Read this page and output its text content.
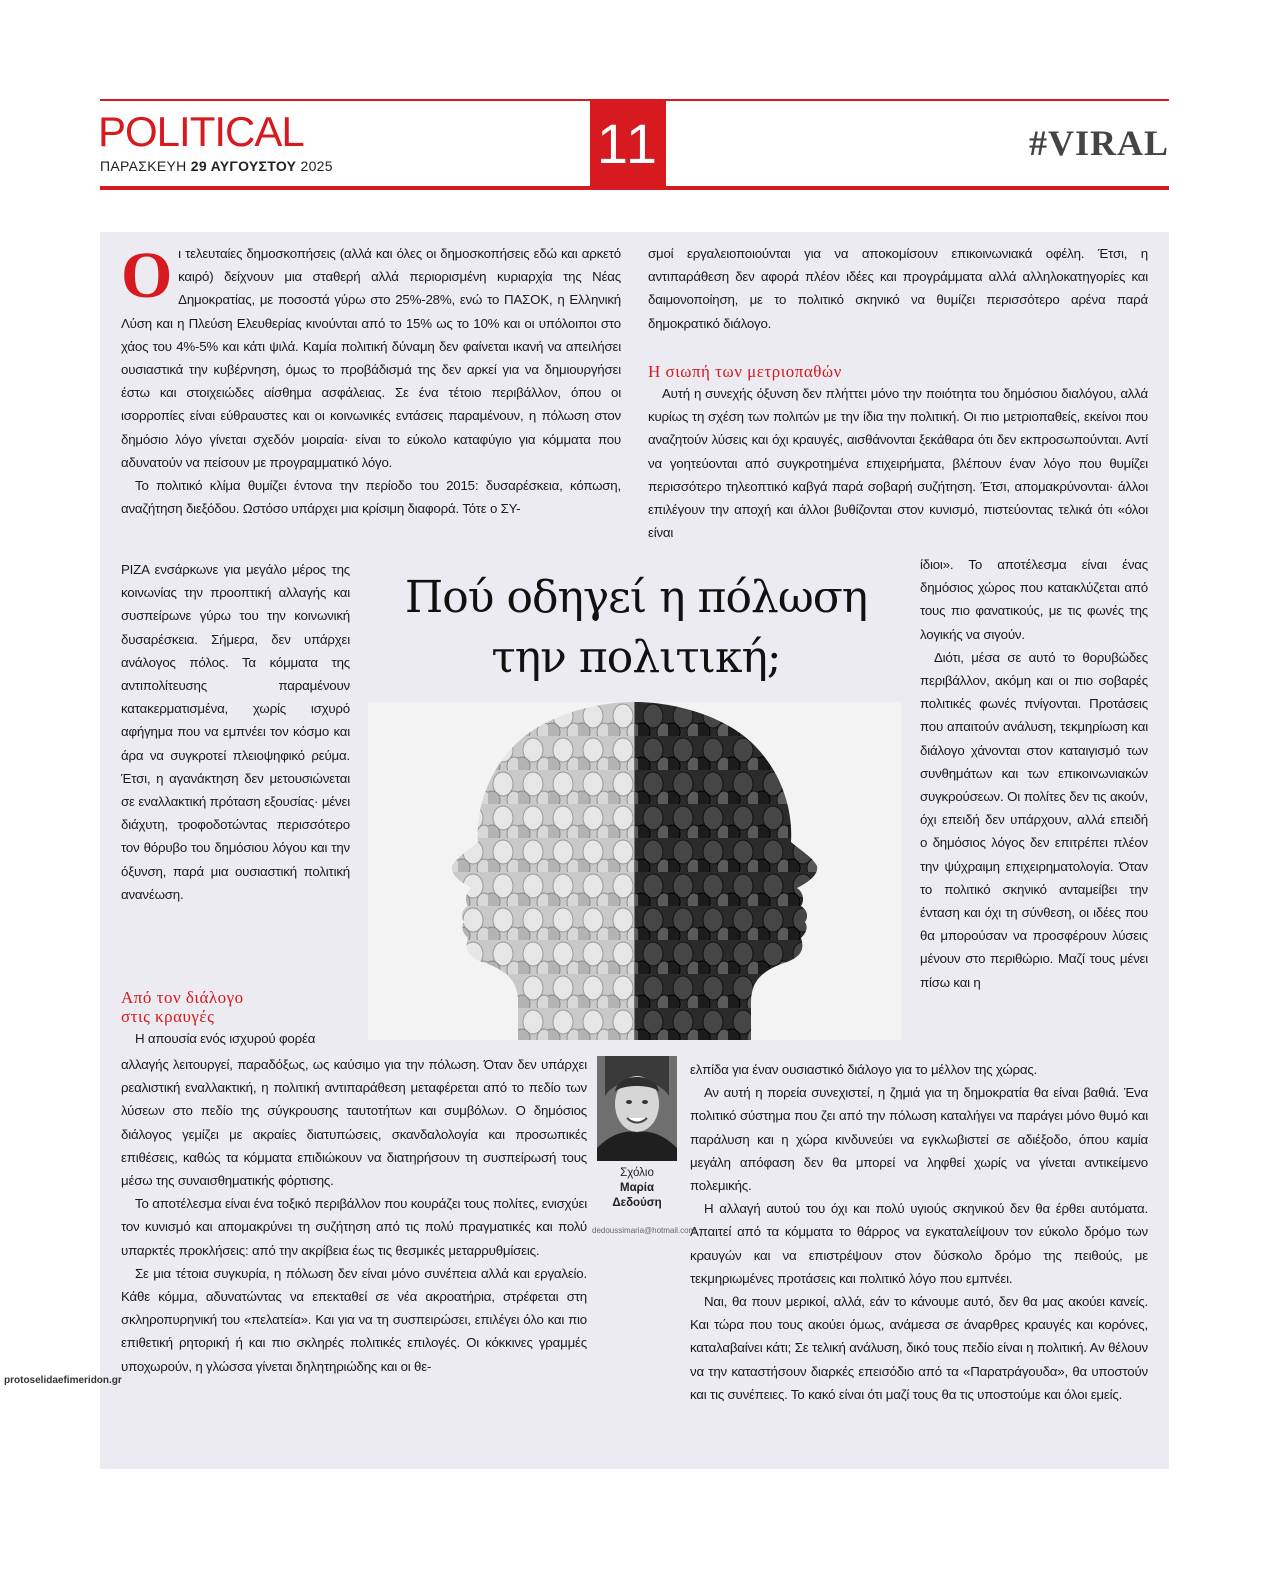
POLITICAL
ΠΑΡΑΣΚΕΥΗ 29 ΑΥΓΟΥΣΤΟΥ 2025	11	#VIRAL

Οι τελευταίες δημοσκοπήσεις (αλλά και όλες οι δημοσκοπήσεις εδώ και αρκετό καιρό) δείχνουν μια σταθερή αλλά περιορισμένη κυριαρχία της Νέας Δημοκρατίας, με ποσοστά γύρω στο 25%-28%, ενώ το ΠΑΣΟΚ, η Ελληνική Λύση και η Πλεύση Ελευθερίας κινούνται από το 15% ως το 10% και οι υπόλοιποι στο χάος του 4%-5% και κάτι ψιλά. Καμία πολιτική δύναμη δεν φαίνεται ικανή να απειλήσει ουσιαστικά την κυβέρνηση, όμως το προβάδισμά της δεν αρκεί για να δημιουργήσει έστω και στοιχειώδες αίσθημα ασφάλειας. Σε ένα τέτοιο περιβάλλον, όπου οι ισορροπίες είναι εύθραυστες και οι κοινωνικές εντάσεις παραμένουν, η πόλωση στον δημόσιο λόγο γίνεται σχεδόν μοιραία· είναι το εύκολο καταφύγιο για κόμματα που αδυνατούν να πείσουν με προγραμματικό λόγο.

Το πολιτικό κλίμα θυμίζει έντονα την περίοδο του 2015: δυσαρέσκεια, κόπωση, αναζήτηση διεξόδου. Ωστόσο υπάρχει μια κρίσιμη διαφορά. Τότε ο ΣΥ-

ΡΙΖΑ ενσάρκωνε για μεγάλο μέρος της κοινωνίας την προοπτική αλλαγής και συσπείρωνε γύρω του την κοινωνική δυσαρέσκεια. Σήμερα, δεν υπάρχει ανάλογος πόλος. Τα κόμματα της αντιπολίτευσης παραμένουν κατακερματισμένα, χωρίς ισχυρό αφήγημα που να εμπνέει τον κόσμο και άρα να συγκροτεί πλειοψηφικό ρεύμα. Έτσι, η αγανάκτηση δεν μετουσιώνεται σε εναλλακτική πρόταση εξουσίας· μένει διάχυτη, τροφοδοτώντας περισσότερο τον θόρυβο του δημόσιου λόγου και την όξυνση, παρά μια ουσιαστική πολιτική ανανέωση.

Από τον διάλογο
στις κραυγές

Η απουσία ενός ισχυρού φορέα

αλλαγής λειτουργεί, παραδόξως, ως καύσιμο για την πόλωση. Όταν δεν υπάρχει ρεαλιστική εναλλακτική, η πολιτική αντιπαράθεση μεταφέρεται από το πεδίο των λύσεων στο πεδίο της σύγκρουσης ταυτοτήτων και συμβόλων. Ο δημόσιος διάλογος γεμίζει με ακραίες διατυπώσεις, σκανδαλολογία και προσωπικές επιθέσεις, καθώς τα κόμματα επιδιώκουν να διατηρήσουν τη συσπείρωσή τους μέσω της συναισθηματικής φόρτισης.

Το αποτέλεσμα είναι ένα τοξικό περιβάλλον που κουράζει τους πολίτες, ενισχύει τον κυνισμό και απομακρύνει τη συζήτηση από τις πολύ πραγματικές και πολύ υπαρκτές προκλήσεις: από την ακρίβεια έως τις θεσμικές μεταρρυθμίσεις.

Σε μια τέτοια συγκυρία, η πόλωση δεν είναι μόνο συνέπεια αλλά και εργαλείο. Κάθε κόμμα, αδυνατώντας να επεκταθεί σε νέα ακροατήρια, στρέφεται στη σκληροπυρηνική του «πελατεία». Και για να τη συσπειρώσει, επιλέγει όλο και πιο επιθετική ρητορική ή και πιο σκληρές πολιτικές επιλογές. Οι κόκκινες γραμμές υποχωρούν, η γλώσσα γίνεται δηλητηριώδης και οι θε-

σμοί εργαλειοποιούνται για να αποκομίσουν επικοινωνιακά οφέλη. Έτσι, η αντιπαράθεση δεν αφορά πλέον ιδέες και προγράμματα αλλά αλληλοκατηγορίες και δαιμονοποίηση, με το πολιτικό σκηνικό να θυμίζει περισσότερο αρένα παρά δημοκρατικό διάλογο.

Η σιωπή των μετριοπαθών

Αυτή η συνεχής όξυνση δεν πλήττει μόνο την ποιότητα του δημόσιου διαλόγου, αλλά κυρίως τη σχέση των πολιτών με την ίδια την πολιτική. Οι πιο μετριοπαθείς, εκείνοι που αναζητούν λύσεις και όχι κραυγές, αισθάνονται ξεκάθαρα ότι δεν εκπροσωπούνται. Αντί να γοητεύονται από συγκροτημένα επιχειρήματα, βλέπουν έναν λόγο που θυμίζει περισσότερο τηλεοπτικό καβγά παρά σοβαρή συζήτηση. Έτσι, απομακρύνονται· άλλοι επιλέγουν την αποχή και άλλοι βυθίζονται στον κυνισμό, πιστεύοντας τελικά ότι «όλοι είναι

ίδιοι». Το αποτέλεσμα είναι ένας δημόσιος χώρος που κατακλύζεται από τους πιο φανατικούς, με τις φωνές της λογικής να σιγούν.

Διότι, μέσα σε αυτό το θορυβώδες περιβάλλον, ακόμη και οι πιο σοβαρές πολιτικές φωνές πνίγονται. Προτάσεις που απαιτούν ανάλυση, τεκμηρίωση και διάλογο χάνονται στον καταιγισμό των συνθημάτων και των επικοινωνιακών συγκρούσεων. Οι πολίτες δεν τις ακούν, όχι επειδή δεν υπάρχουν, αλλά επειδή ο δημόσιος λόγος δεν επιτρέπει πλέον την ψύχραιμη επιχειρηματολογία. Όταν το πολιτικό σκηνικό ανταμείβει την ένταση και όχι τη σύνθεση, οι ιδέες που θα μπορούσαν να προσφέρουν λύσεις μένουν στο περιθώριο. Μαζί τους μένει πίσω και η

ελπίδα για έναν ουσιαστικό διάλογο για το μέλλον της χώρας.

Αν αυτή η πορεία συνεχιστεί, η ζημιά για τη δημοκρατία θα είναι βαθιά. Ένα πολιτικό σύστημα που ζει από την πόλωση καταλήγει να παράγει μόνο θυμό και παράλυση και η χώρα κινδυνεύει να εγκλωβιστεί σε αδιέξοδο, όπου καμία μεγάλη απόφαση δεν θα μπορεί να ληφθεί χωρίς να γίνεται αντικείμενο πολεμικής.

Η αλλαγή αυτού του όχι και πολύ υγιούς σκηνικού δεν θα έρθει αυτόματα. Απαιτεί από τα κόμματα το θάρρος να εγκαταλείψουν τον εύκολο δρόμο των κραυγών και να επιστρέψουν στον δύσκολο δρόμο της πειθούς, με τεκμηριωμένες προτάσεις και πολιτικό λόγο που εμπνέει.

Ναι, θα πουν μερικοί, αλλά, εάν το κάνουμε αυτό, δεν θα μας ακούει κανείς. Και τώρα που τους ακούει όμως, ανάμεσα σε άναρθρες κραυγές και κορόνες, καταλαβαίνει κάτι; Σε τελική ανάλυση, δικό τους πεδίο είναι η πολιτική. Αν θέλουν να την καταστήσουν διαρκές επεισόδιο από τα «Παρατράγουδα», θα υποστούν και τις συνέπειες. Το κακό είναι ότι μαζί τους θα τις υποστούμε και όλοι εμείς.

Πού οδηγεί η πόλωση
την πολιτική;
Σχόλιο
Μαρία
Δεδούση
dedoussimaria@hotmail.com
protoselidaefimeridon.gr
